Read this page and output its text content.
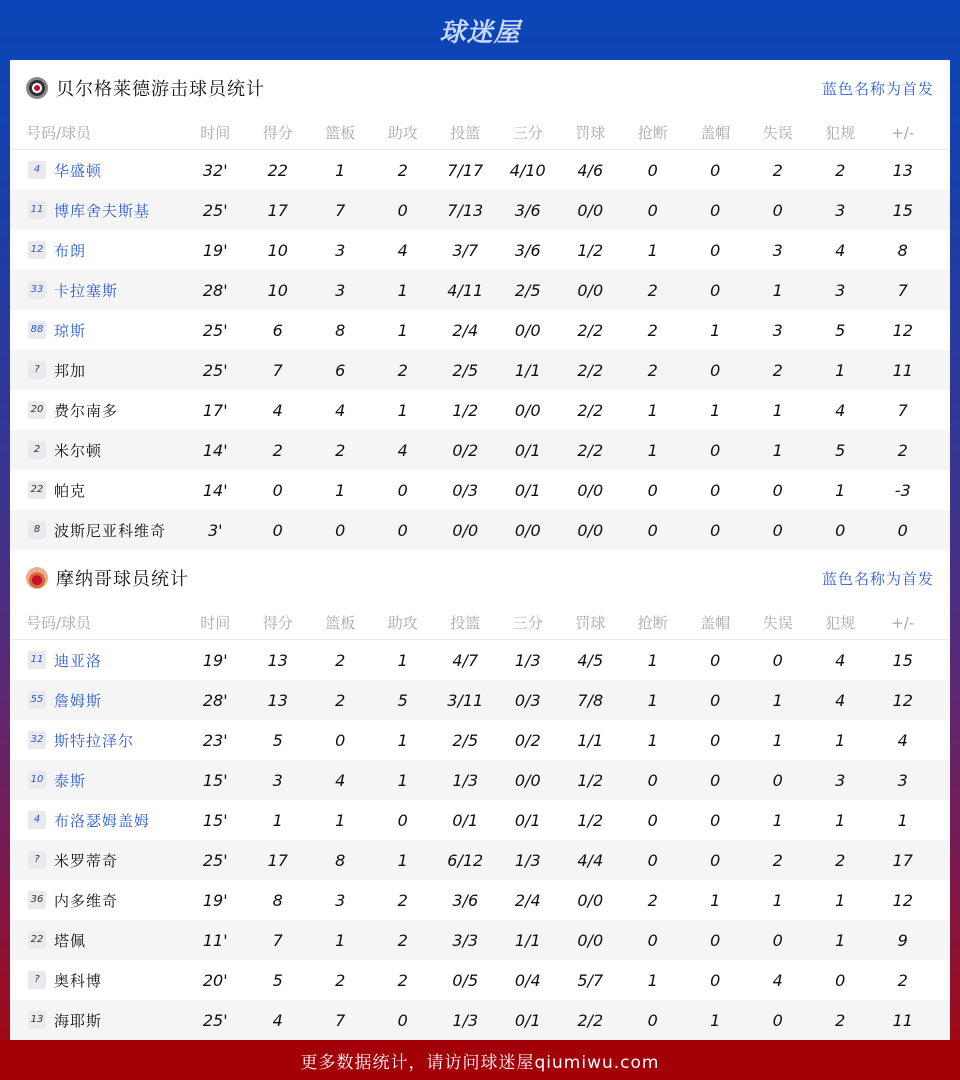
球迷屋
贝尔格莱德游击球员统计	蓝色名称为首发
号码/球员	时间	得分	篮板	助攻	投篮	三分	罚球	抢断	盖帽	失误	犯规	+/-
4 华盛顿	32'	22	1	2	7/17	4/10	4/6	0	0	2	2	13
11 博库舍夫斯基	25'	17	7	0	7/13	3/6	0/0	0	0	0	3	15
12 布朗	19'	10	3	4	3/7	3/6	1/2	1	0	3	4	8
33 卡拉塞斯	28'	10	3	1	4/11	2/5	0/0	2	0	1	3	7
88 琼斯	25'	6	8	1	2/4	0/0	2/2	2	1	3	5	12
? 邦加	25'	7	6	2	2/5	1/1	2/2	2	0	2	1	11
20 费尔南多	17'	4	4	1	1/2	0/0	2/2	1	1	1	4	7
2 米尔顿	14'	2	2	4	0/2	0/1	2/2	1	0	1	5	2
22 帕克	14'	0	1	0	0/3	0/1	0/0	0	0	0	1	-3
8 波斯尼亚科维奇	3'	0	0	0	0/0	0/0	0/0	0	0	0	0	0
摩纳哥球员统计	蓝色名称为首发
号码/球员	时间	得分	篮板	助攻	投篮	三分	罚球	抢断	盖帽	失误	犯规	+/-
11 迪亚洛	19'	13	2	1	4/7	1/3	4/5	1	0	0	4	15
55 詹姆斯	28'	13	2	5	3/11	0/3	7/8	1	0	1	4	12
32 斯特拉泽尔	23'	5	0	1	2/5	0/2	1/1	1	0	1	1	4
10 泰斯	15'	3	4	1	1/3	0/0	1/2	0	0	0	3	3
4 布洛瑟姆盖姆	15'	1	1	0	0/1	0/1	1/2	0	0	1	1	1
? 米罗蒂奇	25'	17	8	1	6/12	1/3	4/4	0	0	2	2	17
36 内多维奇	19'	8	3	2	3/6	2/4	0/0	2	1	1	1	12
22 塔佩	11'	7	1	2	3/3	1/1	0/0	0	0	0	1	9
? 奥科博	20'	5	2	2	0/5	0/4	5/7	1	0	4	0	2
13 海耶斯	25'	4	7	0	1/3	0/1	2/2	0	1	0	2	11
更多数据统计，请访问球迷屋qiumiwu.com
